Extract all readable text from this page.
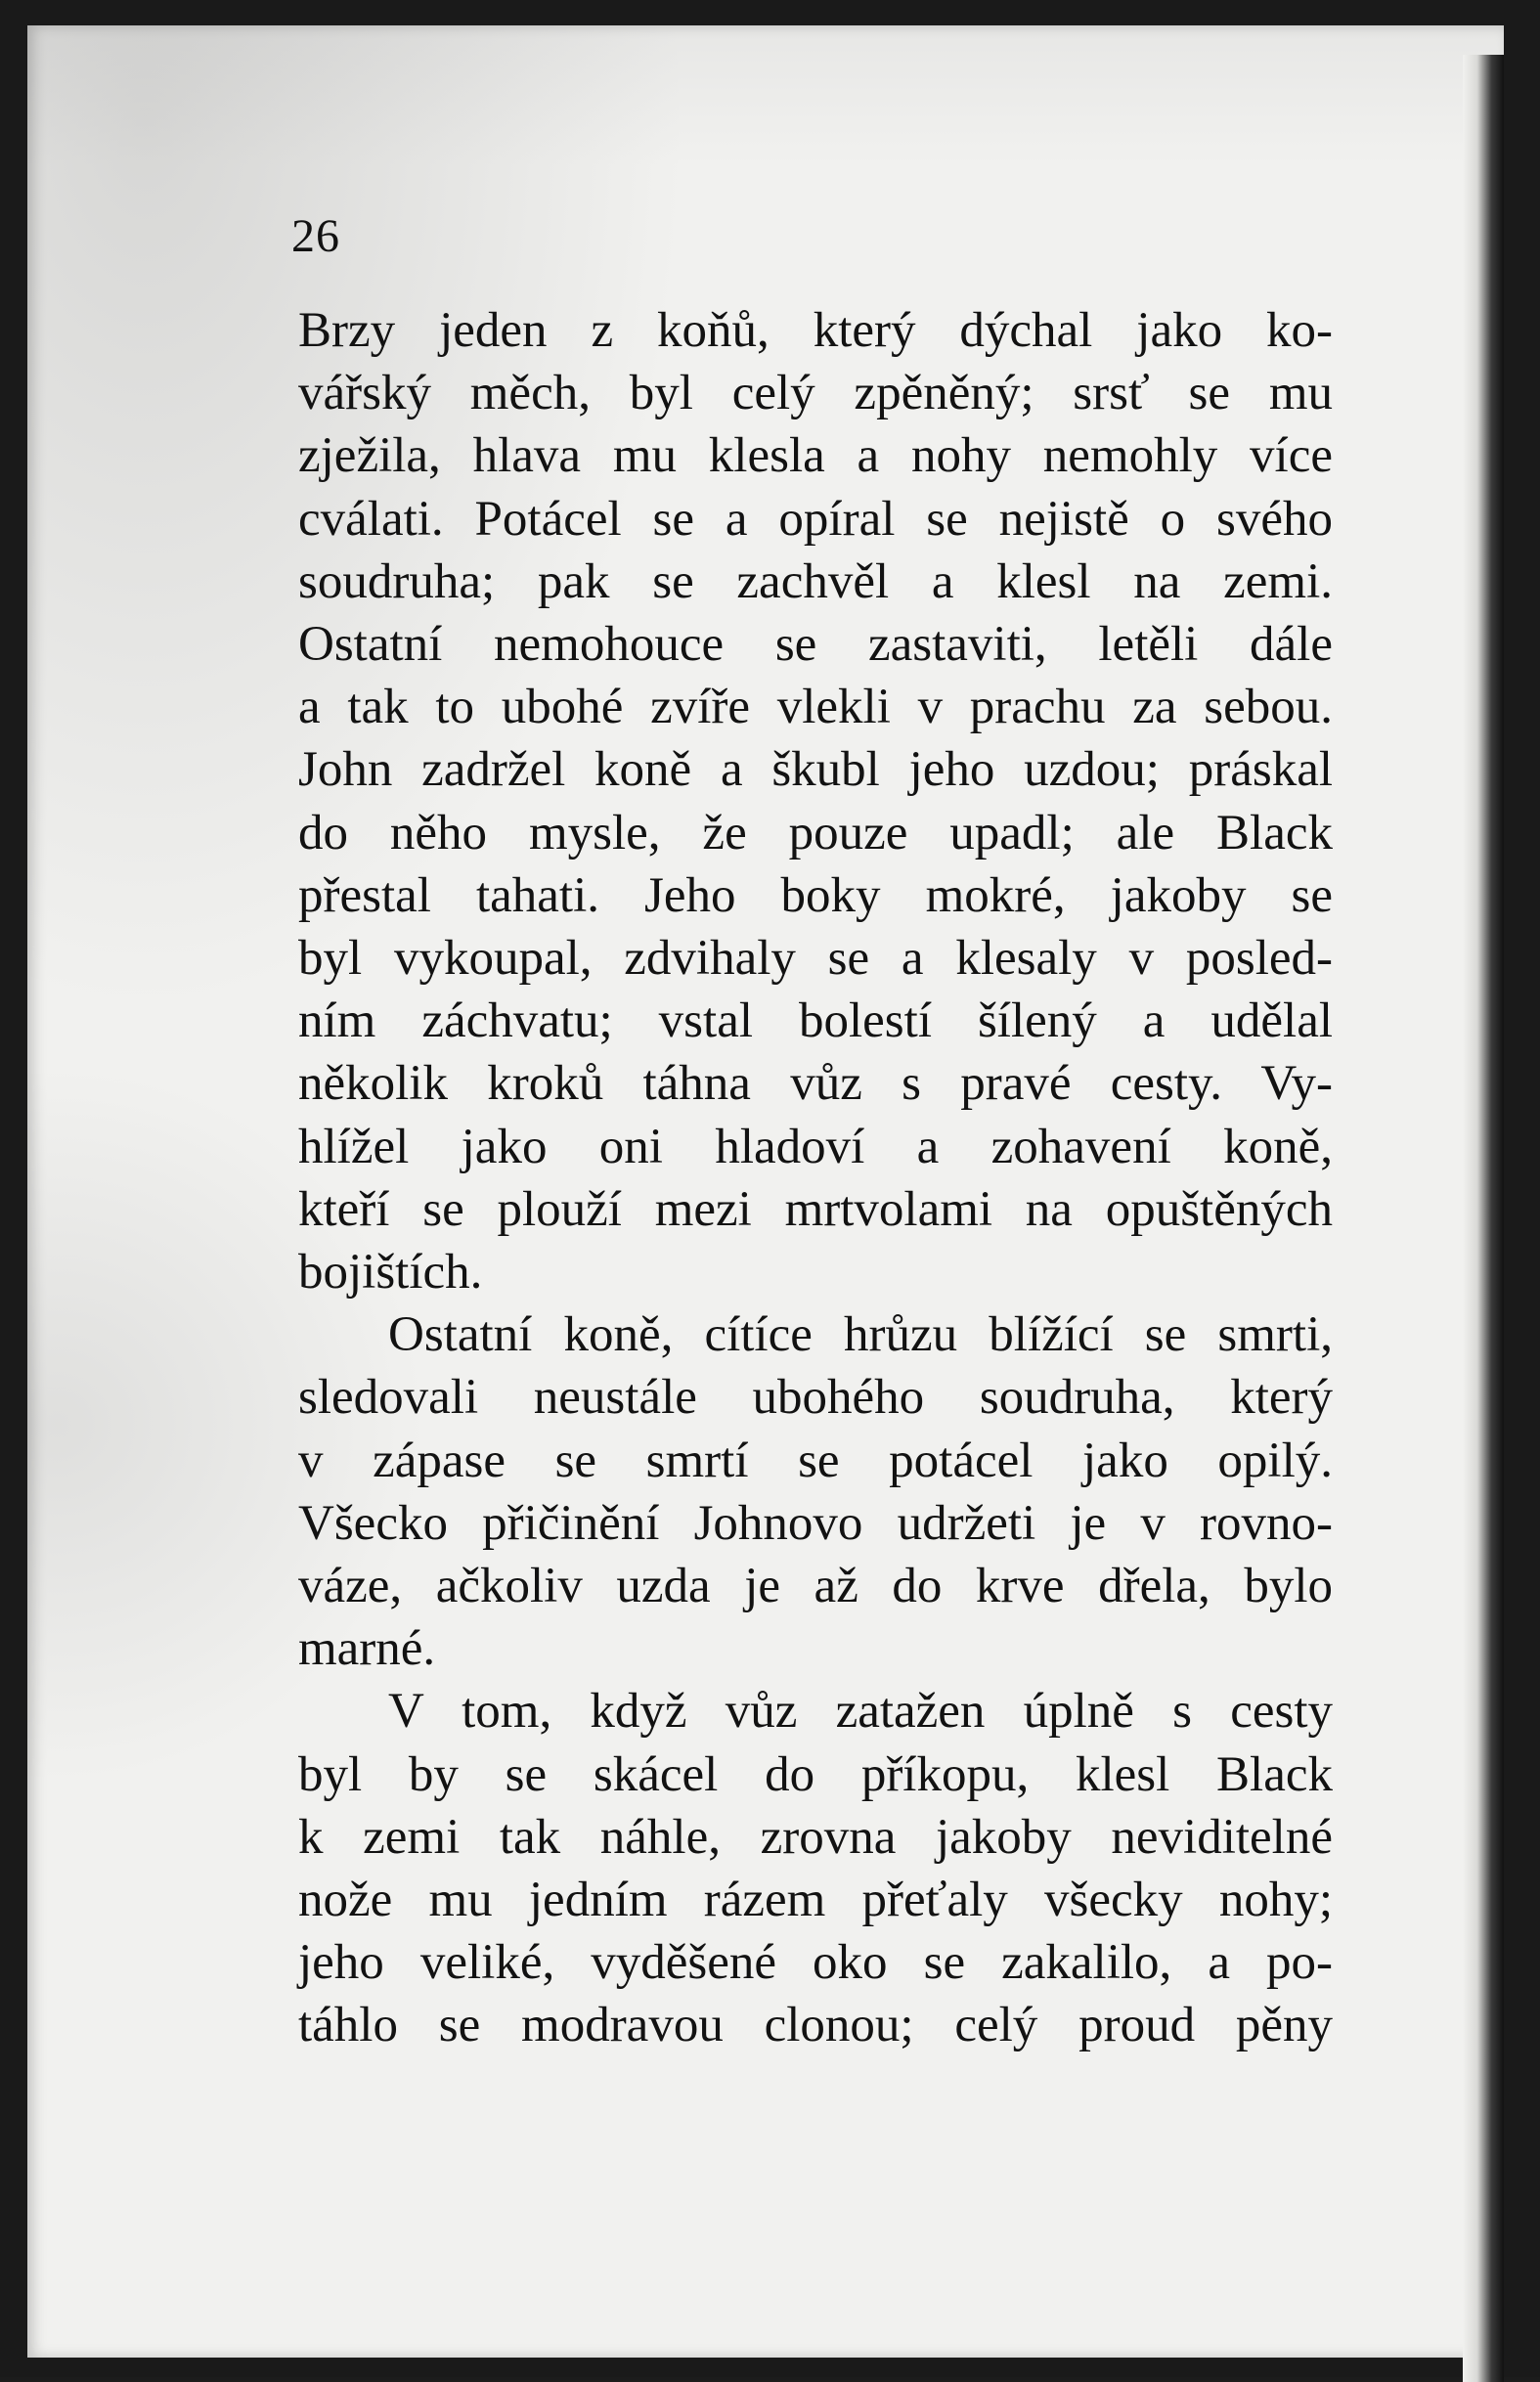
26
Brzy jeden z koňů, který dýchal jako ko-
vářský měch, byl celý zpěněný; srsť se mu
zježila, hlava mu klesla a nohy nemohly více
cválati. Potácel se a opíral se nejistě o svého
soudruha; pak se zachvěl a klesl na zemi.
Ostatní nemohouce se zastaviti, letěli dále
a tak to ubohé zvíře vlekli v prachu za sebou.
John zadržel koně a škubl jeho uzdou; práskal
do něho mysle, že pouze upadl; ale Black
přestal tahati. Jeho boky mokré, jakoby se
byl vykoupal, zdvihaly se a klesaly v posled-
ním záchvatu; vstal bolestí šílený a udělal
několik kroků táhna vůz s pravé cesty. Vy-
hlížel jako oni hladoví a zohavení koně,
kteří se plouží mezi mrtvolami na opuštěných
bojištích.
Ostatní koně, cítíce hrůzu blížící se smrti,
sledovali neustále ubohého soudruha, který
v zápase se smrtí se potácel jako opilý.
Všecko přičinění Johnovo udržeti je v rovno-
váze, ačkoliv uzda je až do krve dřela, bylo
marné.
V tom, když vůz zatažen úplně s cesty
byl by se skácel do příkopu, klesl Black
k zemi tak náhle, zrovna jakoby neviditelné
nože mu jedním rázem přeťaly všecky nohy;
jeho veliké, vyděšené oko se zakalilo, a po-
táhlo se modravou clonou; celý proud pěny
